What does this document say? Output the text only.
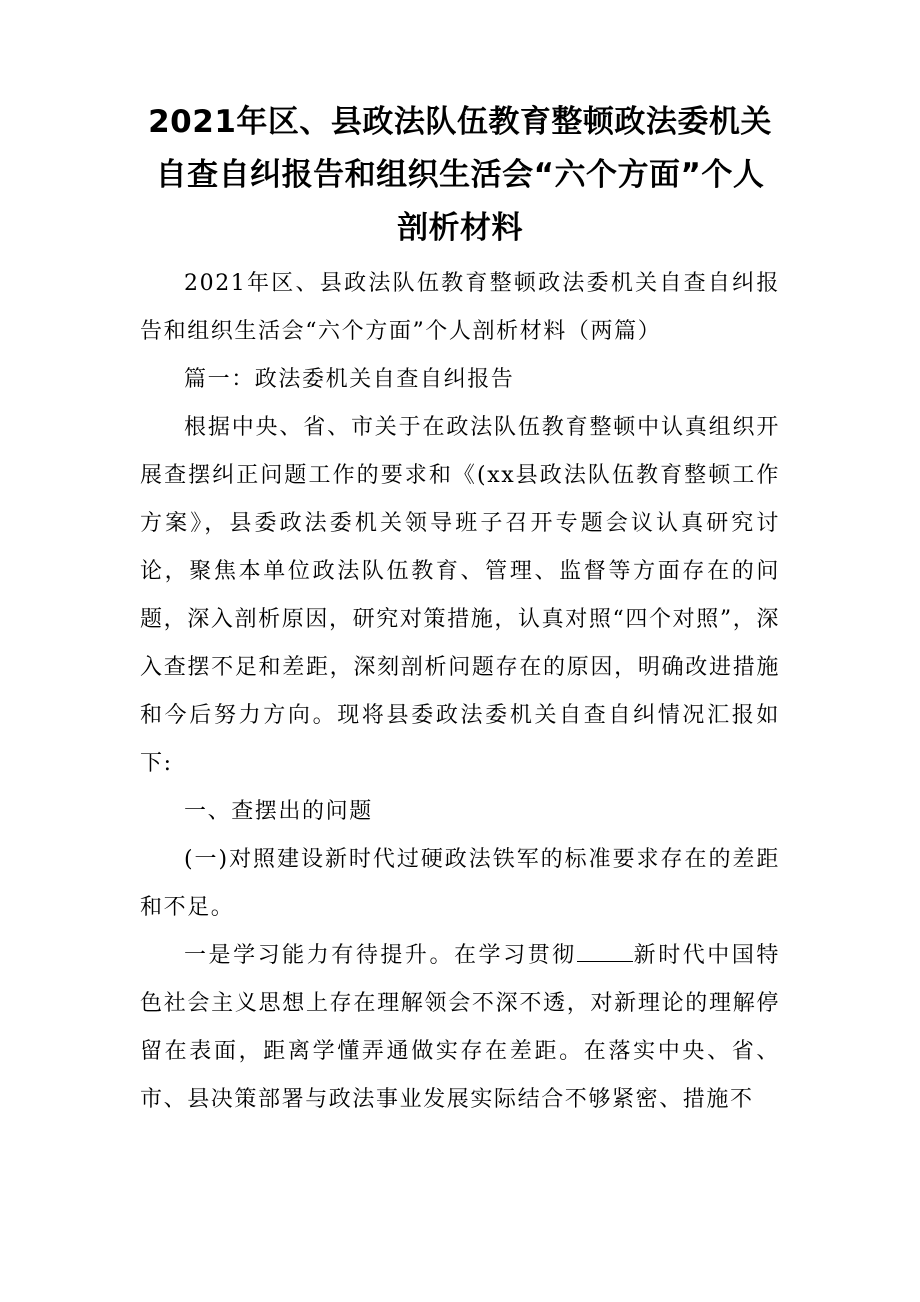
2021年区、县政法队伍教育整顿政法委机关
自查自纠报告和组织生活会“六个方面”个人
剖析材料

2021年区、县政法队伍教育整顿政法委机关自查自纠报告和组织生活会“六个方面”个人剖析材料（两篇）

篇一：政法委机关自查自纠报告

根据中央、省、市关于在政法队伍教育整顿中认真组织开展查摆纠正问题工作的要求和《(xx县政法队伍教育整顿工作方案》，县委政法委机关领导班子召开专题会议认真研究讨论，聚焦本单位政法队伍教育、管理、监督等方面存在的问题，深入剖析原因，研究对策措施，认真对照“四个对照”，深入查摆不足和差距，深刻剖析问题存在的原因，明确改进措施和今后努力方向。现将县委政法委机关自查自纠情况汇报如下:

一、查摆出的问题

(一)对照建设新时代过硬政法铁军的标准要求存在的差距和不足。

一是学习能力有待提升。在学习贯彻	新时代中国特色社会主义思想上存在理解领会不深不透，对新理论的理解停留在表面，距离学懂弄通做实存在差距。在落实中央、省、市、县决策部署与政法事业发展实际结合不够紧密、措施不
